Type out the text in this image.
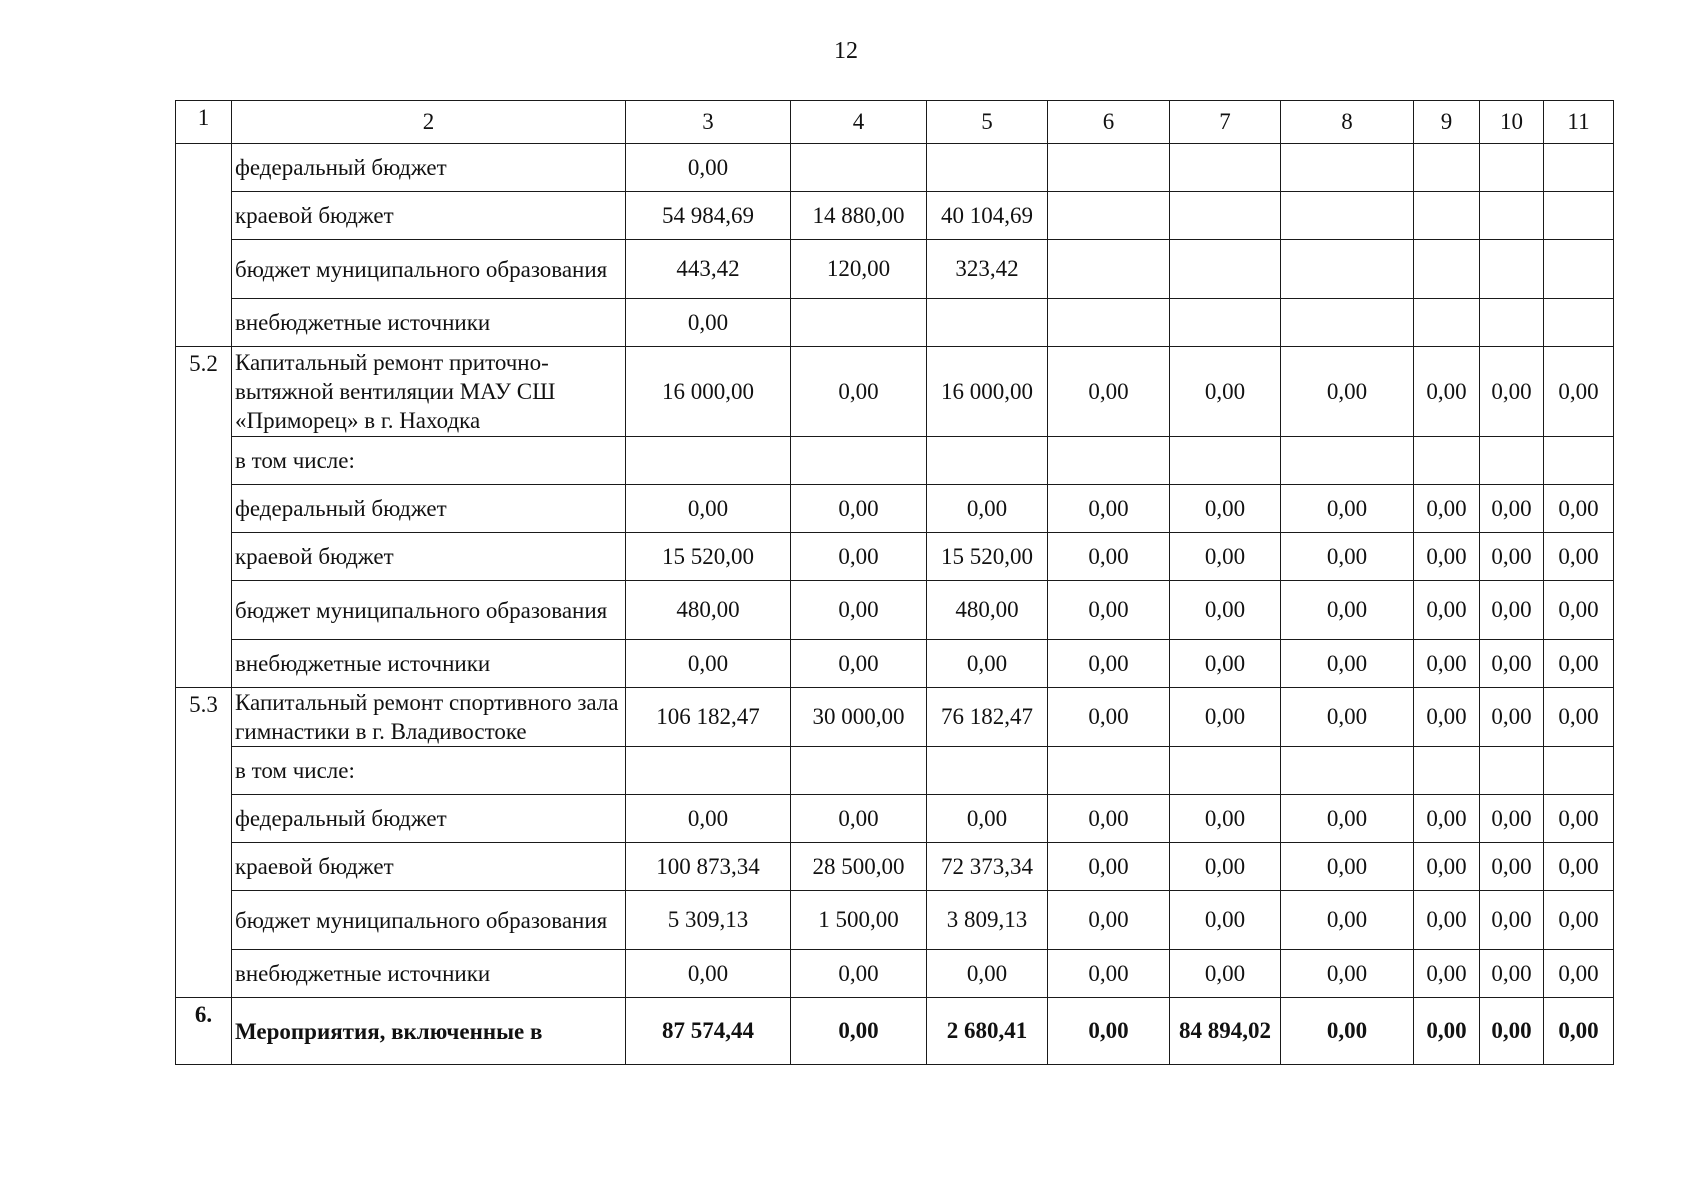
12
1	2	3	4	5	6	7	8	9	10	11
	федеральный бюджет	0,00								
	краевой бюджет	54 984,69	14 880,00	40 104,69						
	бюджет муниципального образования	443,42	120,00	323,42						
	внебюджетные источники	0,00								
5.2	Капитальный ремонт приточно-вытяжной вентиляции МАУ СШ «Приморец» в г. Находка	16 000,00	0,00	16 000,00	0,00	0,00	0,00	0,00	0,00	0,00
	в том числе:									
	федеральный бюджет	0,00	0,00	0,00	0,00	0,00	0,00	0,00	0,00	0,00
	краевой бюджет	15 520,00	0,00	15 520,00	0,00	0,00	0,00	0,00	0,00	0,00
	бюджет муниципального образования	480,00	0,00	480,00	0,00	0,00	0,00	0,00	0,00	0,00
	внебюджетные источники	0,00	0,00	0,00	0,00	0,00	0,00	0,00	0,00	0,00
5.3	Капитальный ремонт спортивного зала гимнастики в г. Владивостоке	106 182,47	30 000,00	76 182,47	0,00	0,00	0,00	0,00	0,00	0,00
	в том числе:									
	федеральный бюджет	0,00	0,00	0,00	0,00	0,00	0,00	0,00	0,00	0,00
	краевой бюджет	100 873,34	28 500,00	72 373,34	0,00	0,00	0,00	0,00	0,00	0,00
	бюджет муниципального образования	5 309,13	1 500,00	3 809,13	0,00	0,00	0,00	0,00	0,00	0,00
	внебюджетные источники	0,00	0,00	0,00	0,00	0,00	0,00	0,00	0,00	0,00
6.	Мероприятия, включенные в	87 574,44	0,00	2 680,41	0,00	84 894,02	0,00	0,00	0,00	0,00
